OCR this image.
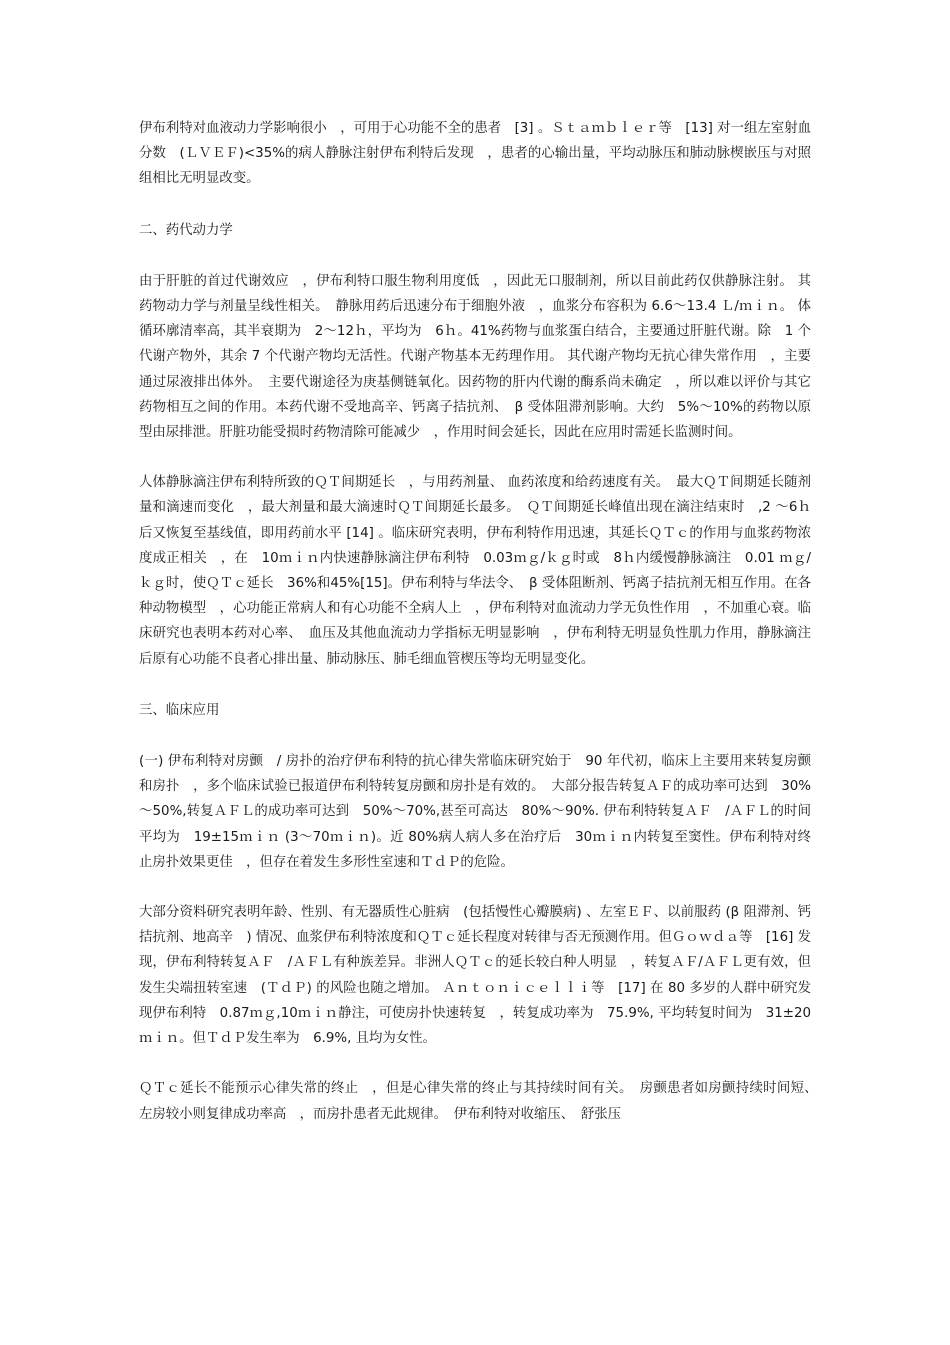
伊布利特对血液动力学影响很小　，可用于心功能不全的患者　[3] 。Ｓｔａｍｂｌｅｒ等　[13] 对一组左室射血分数　(ＬＶＥＦ)<35%的病人静脉注射伊布利特后发现　，患者的心输出量，平均动脉压和肺动脉楔嵌压与对照组相比无明显改变。

二、药代动力学

由于肝脏的首过代谢效应　，伊布利特口服生物利用度低　，因此无口服制剂，所以目前此药仅供静脉注射。 其药物动力学与剂量呈线性相关。　静脉用药后迅速分布于细胞外液　，血浆分布容积为 6.6～13.4 Ｌ/ｍｉｎ。 体循环廓清率高，其半衰期为　2～12ｈ，平均为　6ｈ。41%药物与血浆蛋白结合，主要通过肝脏代谢。除　1 个代谢产物外，其余 7 个代谢产物均无活性。代谢产物基本无药理作用。 其代谢产物均无抗心律失常作用　，主要通过尿液排出体外。　主要代谢途径为庚基侧链氧化。因药物的肝内代谢的酶系尚未确定　，所以难以评价与其它药物相互之间的作用。本药代谢不受地高辛、钙离子拮抗剂、　β 受体阻滞剂影响。大约　5%～10%的药物以原型由尿排泄。肝脏功能受损时药物清除可能减少　，作用时间会延长，因此在应用时需延长监测时间。

人体静脉滴注伊布利特所致的ＱＴ间期延长　，与用药剂量、 血药浓度和给药速度有关。　最大ＱＴ间期延长随剂量和滴速而变化　，最大剂量和最大滴速时ＱＴ间期延长最多。　ＱＴ间期延长峰值出现在滴注结束时　,2 ～6ｈ后又恢复至基线值，即用药前水平 [14] 。临床研究表明，伊布利特作用迅速，其延长ＱＴｃ的作用与血浆药物浓度成正相关　，在　10ｍｉｎ内快速静脉滴注伊布利特　0.03ｍｇ/ｋｇ时或　8ｈ内缓慢静脉滴注　0.01 ｍｇ/ｋｇ时，使ＱＴｃ延长　36%和45%[15]。伊布利特与华法令、　β 受体阻断剂、钙离子拮抗剂无相互作用。在各种动物模型　，心功能正常病人和有心功能不全病人上　，伊布利特对血流动力学无负性作用　，不加重心衰。临床研究也表明本药对心率、　血压及其他血流动力学指标无明显影响　，伊布利特无明显负性肌力作用，静脉滴注后原有心功能不良者心排出量、肺动脉压、肺毛细血管楔压等均无明显变化。

三、临床应用

(一) 伊布利特对房颤　/ 房扑的治疗伊布利特的抗心律失常临床研究始于　90 年代初，临床上主要用来转复房颤和房扑　，多个临床试验已报道伊布利特转复房颤和房扑是有效的。　大部分报告转复ＡＦ的成功率可达到　30%～50%,转复ＡＦＬ的成功率可达到　50%～70%,甚至可高达　80%～90%. 伊布利特转复ＡＦ　/ＡＦＬ的时间平均为　19±15ｍｉｎ (3～70ｍｉｎ)。近 80%病人病人多在治疗后　30ｍｉｎ内转复至窦性。伊布利特对终止房扑效果更佳　，但存在着发生多形性室速和ＴｄＰ的危险。

大部分资料研究表明年龄、性别、有无器质性心脏病　(包括慢性心瓣膜病) 、左室ＥＦ、以前服药 (β 阻滞剂、钙拮抗剂、地高辛　) 情况、血浆伊布利特浓度和ＱＴｃ延长程度对转律与否无预测作用。但Ｇｏｗｄａ等　[16] 发现，伊布利特转复ＡＦ　/ＡＦＬ有种族差异。非洲人ＱＴｃ的延长较白种人明显　，转复ＡＦ/ＡＦＬ更有效，但发生尖端扭转室速　(ＴｄＰ) 的风险也随之增加。 Ａｎｔｏｎｉｃｅｌｌｉ等　[17] 在 80 多岁的人群中研究发现伊布利特　0.87ｍｇ,10ｍｉｎ静注，可使房扑快速转复　，转复成功率为　75.9%, 平均转复时间为　31±20ｍｉｎ。但ＴｄＰ发生率为　6.9%, 且均为女性。

ＱＴｃ延长不能预示心律失常的终止　，但是心律失常的终止与其持续时间有关。　房颤患者如房颤持续时间短、　左房较小则复律成功率高　，而房扑患者无此规律。　伊布利特对收缩压、　舒张压
